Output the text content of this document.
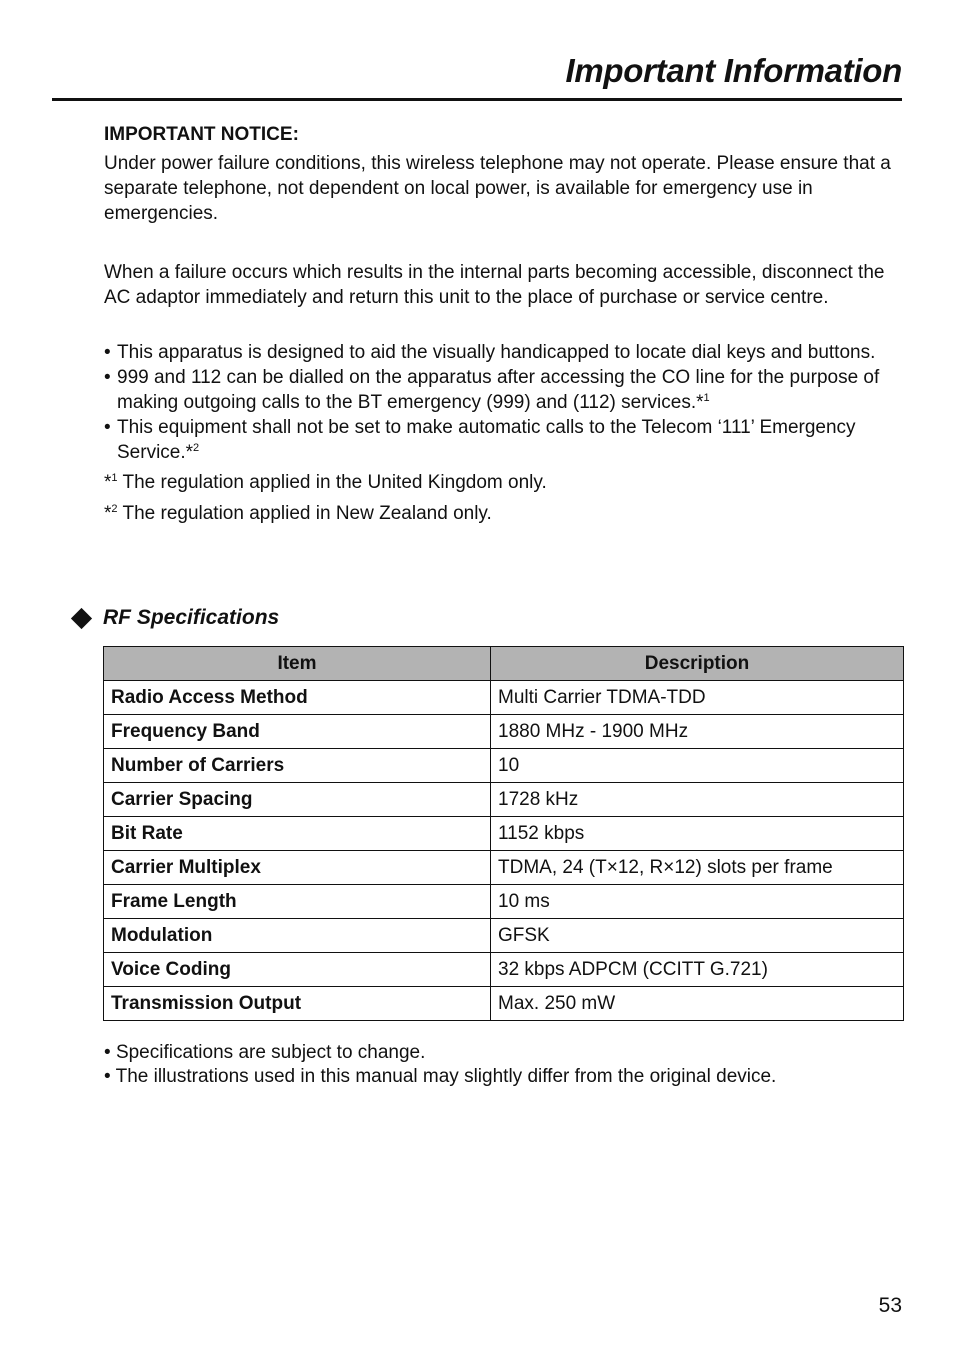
Important Information
IMPORTANT NOTICE:

Under power failure conditions, this wireless telephone may not operate. Please ensure that a separate telephone, not dependent on local power, is available for emergency use in emergencies.

When a failure occurs which results in the internal parts becoming accessible, disconnect the AC adaptor immediately and return this unit to the place of purchase or service centre.

• This apparatus is designed to aid the visually handicapped to locate dial keys and buttons.
• 999 and 112 can be dialled on the apparatus after accessing the CO line for the purpose of making outgoing calls to the BT emergency (999) and (112) services.*$^1$
• This equipment shall not be set to make automatic calls to the Telecom ‘111’ Emergency Service.*$^2$
*$^1$ The regulation applied in the United Kingdom only.
*$^2$ The regulation applied in New Zealand only.
RF Specifications
Item	Description
Radio Access Method	Multi Carrier TDMA-TDD
Frequency Band	1880 MHz - 1900 MHz
Number of Carriers	10
Carrier Spacing	1728 kHz
Bit Rate	1152 kbps
Carrier Multiplex	TDMA, 24 (T×12, R×12) slots per frame
Frame Length	10 ms
Modulation	GFSK
Voice Coding	32 kbps ADPCM (CCITT G.721)
Transmission Output	Max. 250 mW
• Specifications are subject to change.
• The illustrations used in this manual may slightly differ from the original device.
53
